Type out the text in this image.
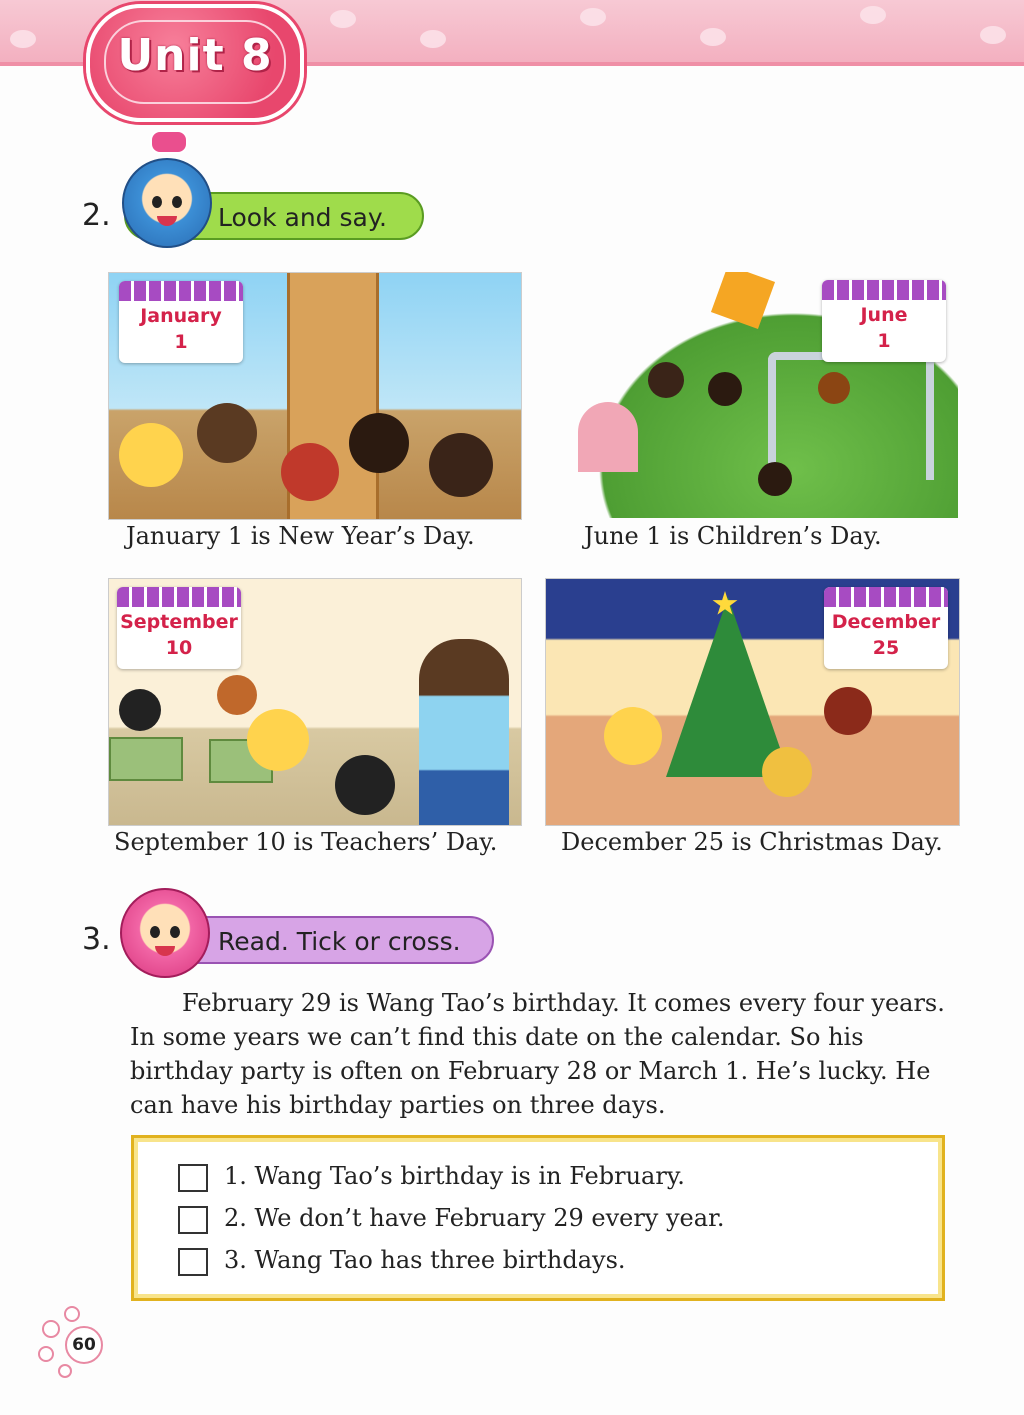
Unit 8
2.	Look and say.
January
1
January 1 is New Year’s Day.
June
1
June 1 is Children’s Day.
September
10
September 10 is Teachers’ Day.
December
25
December 25 is Christmas Day.
3.	Read. Tick or cross.
February 29 is Wang Tao’s birthday. It comes every four years. In some years we can’t find this date on the calendar. So his birthday party is often on February 28 or March 1. He’s lucky. He can have his birthday parties on three days.
1. Wang Tao’s birthday is in February.
2. We don’t have February 29 every year.
3. Wang Tao has three birthdays.
60
